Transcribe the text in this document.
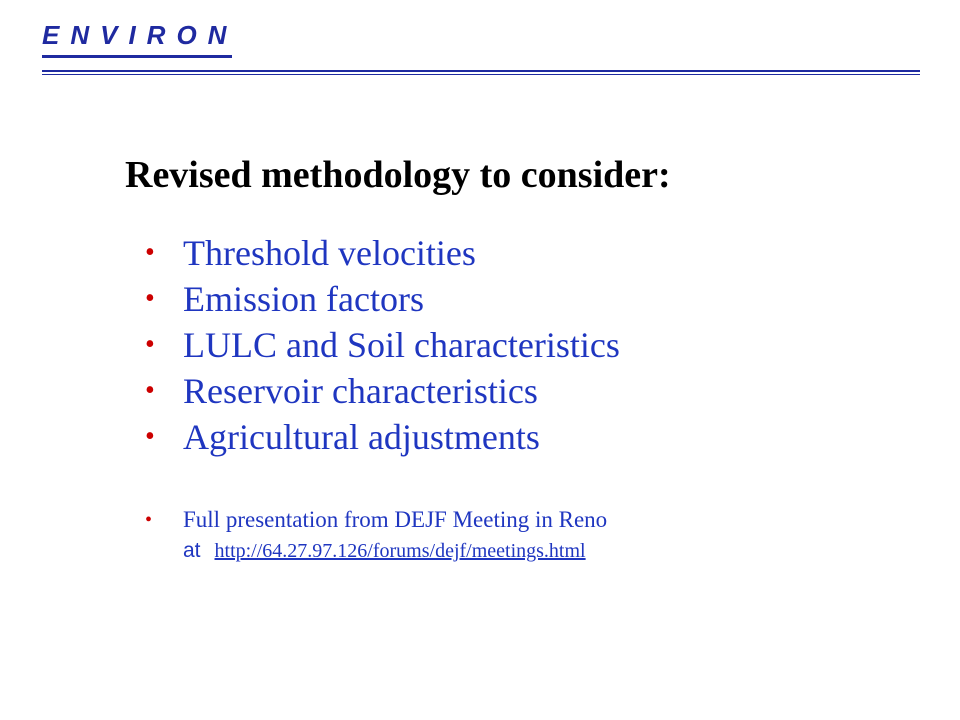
ENVIRON
Revised methodology to consider:
• Threshold velocities
• Emission factors
• LULC and Soil characteristics
• Reservoir characteristics
• Agricultural adjustments
• Full presentation from DEJF Meeting in Reno
at http://64.27.97.126/forums/dejf/meetings.html
